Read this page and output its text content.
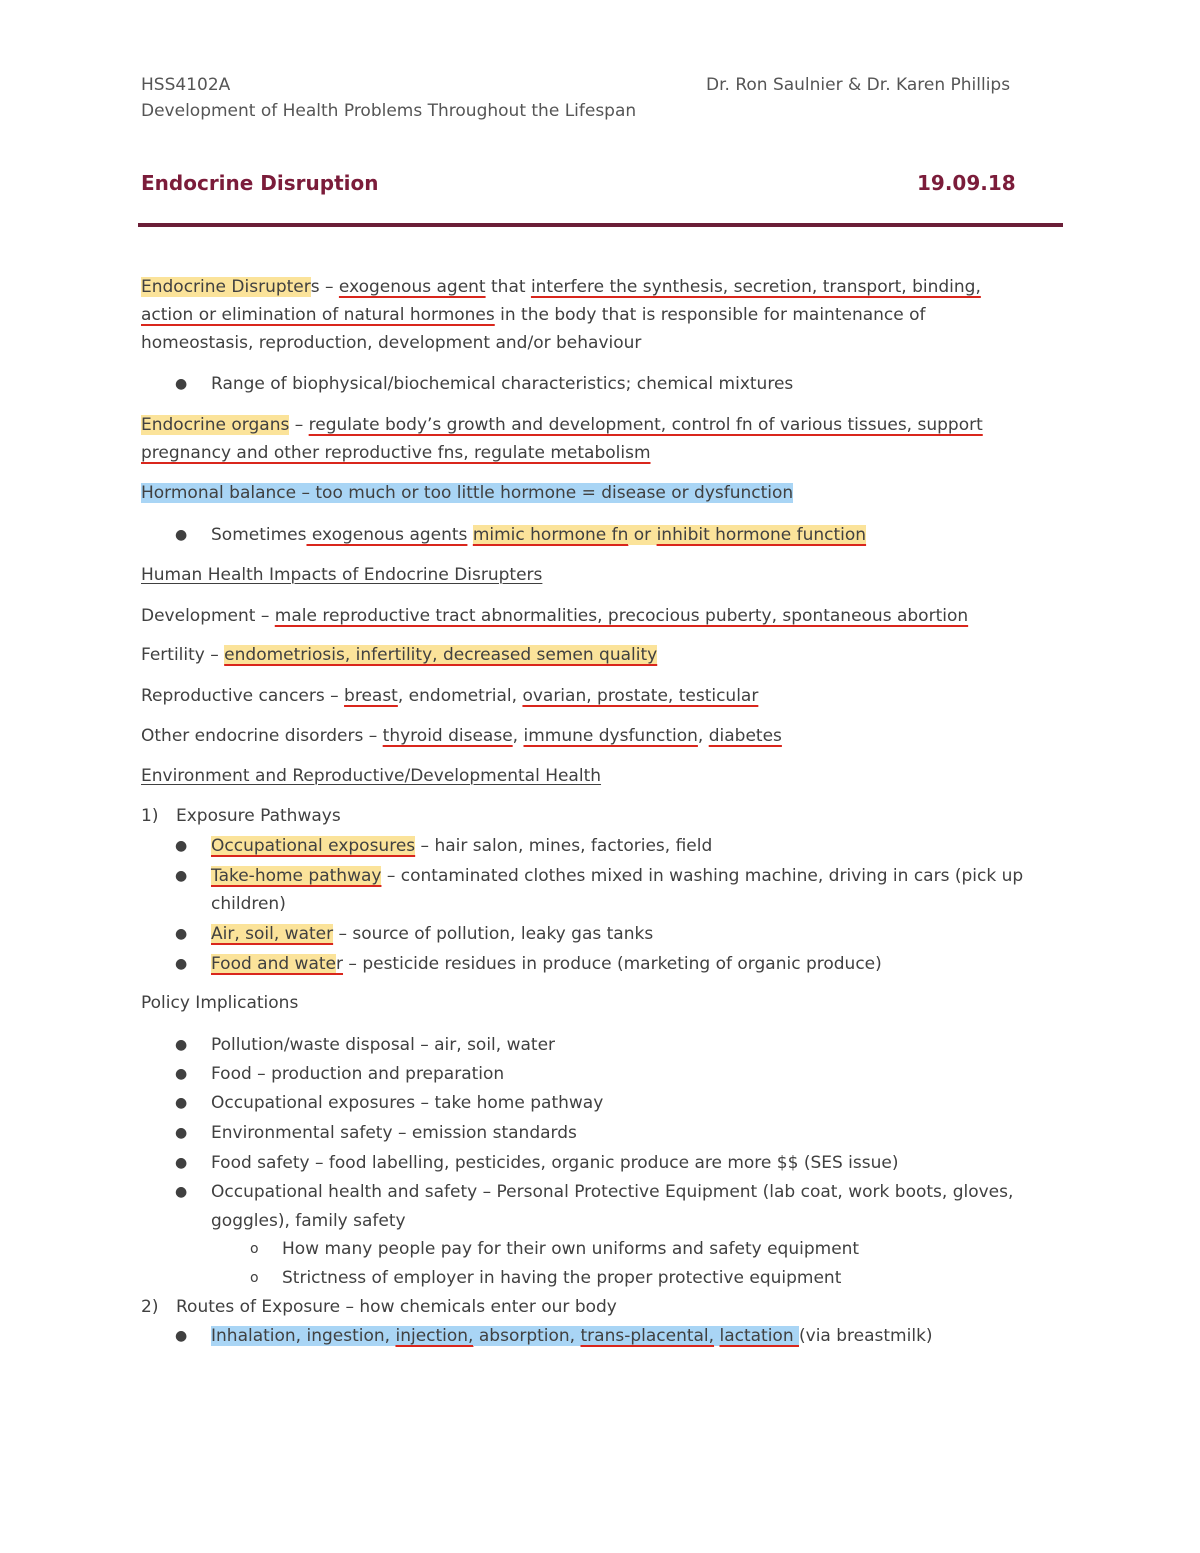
HSS4102A	Dr. Ron Saulnier & Dr. Karen Phillips
Development of Health Problems Throughout the Lifespan
Endocrine Disruption	19.09.18
Endocrine Disrupters – exogenous agent that interfere the synthesis, secretion, transport, binding,
action or elimination of natural hormones in the body that is responsible for maintenance of
homeostasis, reproduction, development and/or behaviour
● Range of biophysical/biochemical characteristics; chemical mixtures
Endocrine organs – regulate body’s growth and development, control fn of various tissues, support
pregnancy and other reproductive fns, regulate metabolism
Hormonal balance – too much or too little hormone = disease or dysfunction
● Sometimes exogenous agents mimic hormone fn or inhibit hormone function
Human Health Impacts of Endocrine Disrupters
Development – male reproductive tract abnormalities, precocious puberty, spontaneous abortion
Fertility – endometriosis, infertility, decreased semen quality
Reproductive cancers – breast, endometrial, ovarian, prostate, testicular
Other endocrine disorders – thyroid disease, immune dysfunction, diabetes
Environment and Reproductive/Developmental Health
1) Exposure Pathways
● Occupational exposures – hair salon, mines, factories, field
● Take-home pathway – contaminated clothes mixed in washing machine, driving in cars (pick up
children)
● Air, soil, water – source of pollution, leaky gas tanks
● Food and water – pesticide residues in produce (marketing of organic produce)
Policy Implications
● Pollution/waste disposal – air, soil, water
● Food – production and preparation
● Occupational exposures – take home pathway
● Environmental safety – emission standards
● Food safety – food labelling, pesticides, organic produce are more $$ (SES issue)
● Occupational health and safety – Personal Protective Equipment (lab coat, work boots, gloves,
goggles), family safety
o How many people pay for their own uniforms and safety equipment
o Strictness of employer in having the proper protective equipment
2) Routes of Exposure – how chemicals enter our body
● Inhalation, ingestion, injection, absorption, trans-placental, lactation (via breastmilk)
